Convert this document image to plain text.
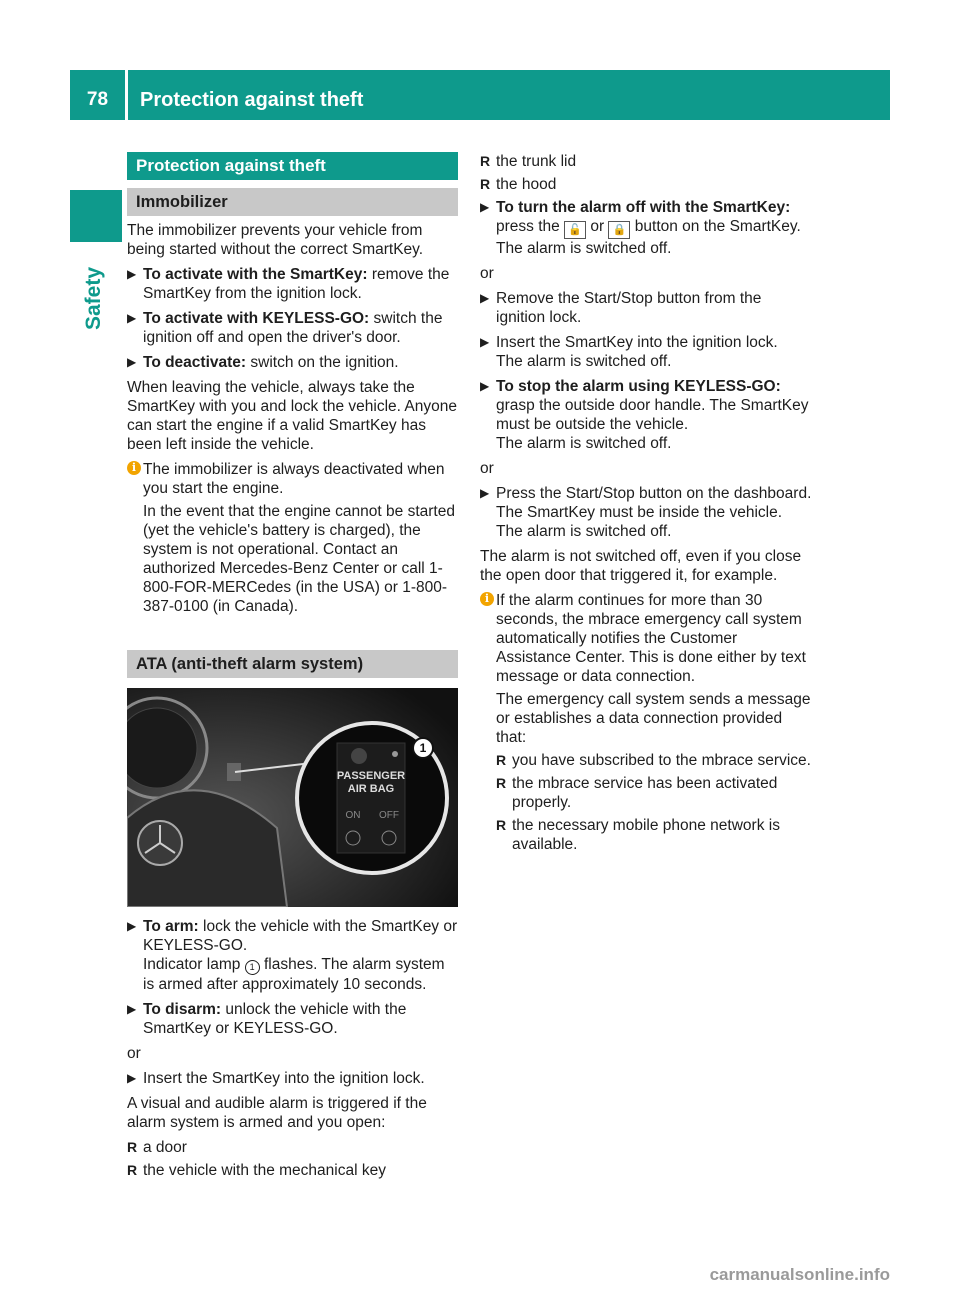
78	Protection against theft
Safety
Protection against theft
Immobilizer

The immobilizer prevents your vehicle from being started without the correct SmartKey.

▶ To activate with the SmartKey: remove the SmartKey from the ignition lock.
▶ To activate with KEYLESS-GO: switch the ignition off and open the driver's door.
▶ To deactivate: switch on the ignition.

When leaving the vehicle, always take the SmartKey with you and lock the vehicle. Anyone can start the engine if a valid SmartKey has been left inside the vehicle.

i The immobilizer is always deactivated when you start the engine.

In the event that the engine cannot be started (yet the vehicle's battery is charged), the system is not operational. Contact an authorized Mercedes-Benz Center or call 1-800-FOR-MERCedes (in the USA) or 1-800-387-0100 (in Canada).

ATA (anti-theft alarm system)
1
PASSENGER
AIR BAG
ON OFF
▶ To arm: lock the vehicle with the SmartKey or KEYLESS-GO.
Indicator lamp 1 flashes. The alarm system is armed after approximately 10 seconds.
▶ To disarm: unlock the vehicle with the SmartKey or KEYLESS-GO.

or

▶ Insert the SmartKey into the ignition lock.

A visual and audible alarm is triggered if the alarm system is armed and you open:

R a door
R the vehicle with the mechanical key
R the trunk lid
R the hood
▶ To turn the alarm off with the SmartKey:
press the 🔓 or 🔒 button on the SmartKey.
The alarm is switched off.

or

▶ Remove the Start/Stop button from the ignition lock.
▶ Insert the SmartKey into the ignition lock.
The alarm is switched off.
▶ To stop the alarm using KEYLESS-GO:
grasp the outside door handle. The SmartKey must be outside the vehicle.
The alarm is switched off.

or

▶ Press the Start/Stop button on the dashboard. The SmartKey must be inside the vehicle.
The alarm is switched off.

The alarm is not switched off, even if you close the open door that triggered it, for example.

i If the alarm continues for more than 30 seconds, the mbrace emergency call system automatically notifies the Customer Assistance Center. This is done either by text message or data connection.

The emergency call system sends a message or establishes a data connection provided that:

R you have subscribed to the mbrace service.
R the mbrace service has been activated properly.
R the necessary mobile phone network is available.
carmanualsonline.info
